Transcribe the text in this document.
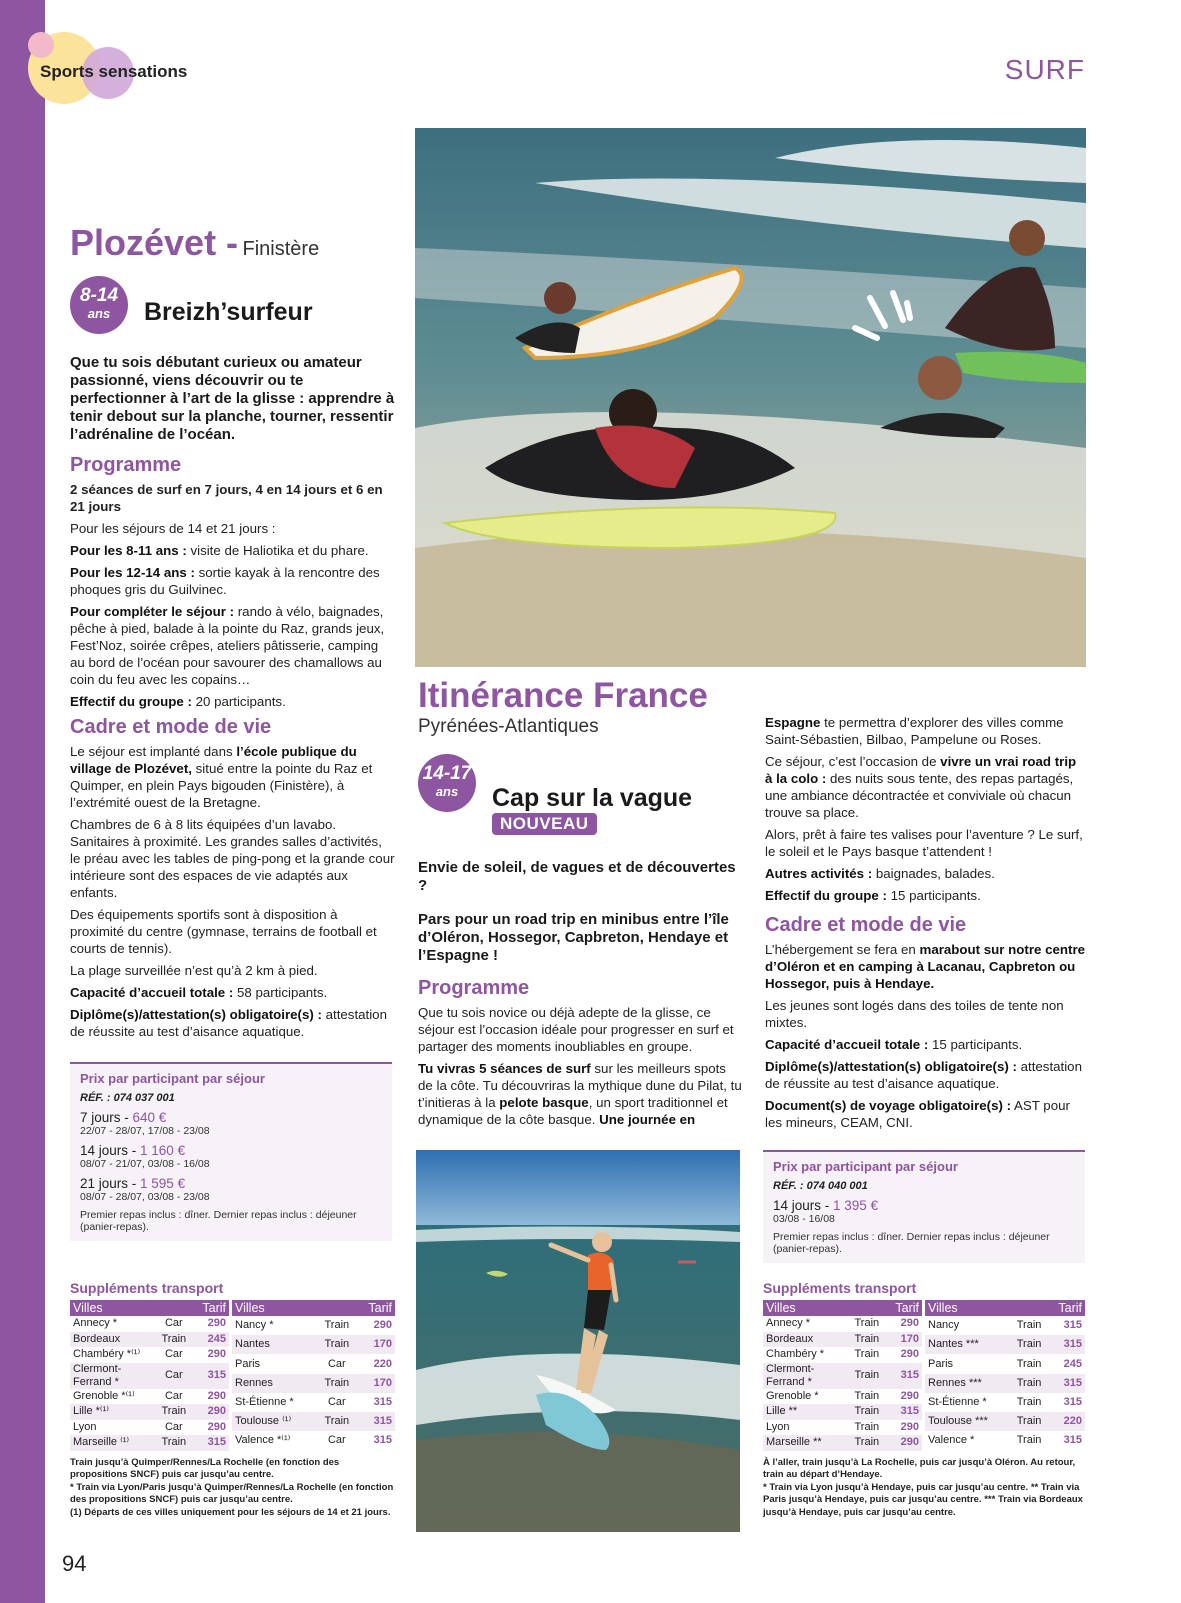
Sports sensations	SURF
94
Plozévet - Finistère
8-14
ans	Breizh’surfeur
Que tu sois débutant curieux ou amateur passionné, viens découvrir ou te perfectionner à l’art de la glisse : apprendre à tenir debout sur la planche, tourner, ressentir l’adrénaline de l’océan.
Programme
2 séances de surf en 7 jours, 4 en 14 jours et 6 en 21 jours
Pour les séjours de 14 et 21 jours :
Pour les 8-11 ans : visite de Haliotika et du phare.
Pour les 12-14 ans : sortie kayak à la rencontre des phoques gris du Guilvinec.
Pour compléter le séjour : rando à vélo, baignades, pêche à pied, balade à la pointe du Raz, grands jeux, Fest’Noz, soirée crêpes, ateliers pâtisserie, camping au bord de l’océan pour savourer des chamallows au coin du feu avec les copains…
Effectif du groupe : 20 participants.
Cadre et mode de vie
Le séjour est implanté dans l’école publique du village de Plozévet, situé entre la pointe du Raz et Quimper, en plein Pays bigouden (Finistère), à l’extrémité ouest de la Bretagne.
Chambres de 6 à 8 lits équipées d’un lavabo. Sanitaires à proximité. Les grandes salles d’activités, le préau avec les tables de ping-pong et la grande cour intérieure sont des espaces de vie adaptés aux enfants.
Des équipements sportifs sont à disposition à proximité du centre (gymnase, terrains de football et courts de tennis).
La plage surveillée n’est qu’à 2 km à pied.
Capacité d’accueil totale : 58 participants.
Diplôme(s)/attestation(s) obligatoire(s) : attestation de réussite au test d’aisance aquatique.
Prix par participant par séjour
RÉF. : 074 037 001
7 jours - 640 €
22/07 - 28/07, 17/08 - 23/08
14 jours - 1 160 €
08/07 - 21/07, 03/08 - 16/08
21 jours - 1 595 €
08/07 - 28/07, 03/08 - 23/08
Premier repas inclus : dîner. Dernier repas inclus : déjeuner (panier-repas).
Suppléments transport
Villes		Tarif
Annecy *	Car	290
Bordeaux	Train	245
Chambéry *⁽¹⁾	Car	290
Clermont-Ferrand *	Car	315
Grenoble *⁽¹⁾	Car	290
Lille *⁽¹⁾	Train	290
Lyon	Car	290
Marseille ⁽¹⁾	Train	315
Villes		Tarif
Nancy *	Train	290
Nantes	Train	170
Paris	Car	220
Rennes	Train	170
St-Étienne *	Car	315
Toulouse ⁽¹⁾	Train	315
Valence *⁽¹⁾	Car	315
Train jusqu’à Quimper/Rennes/La Rochelle (en fonction des propositions SNCF) puis car jusqu’au centre.
* Train via Lyon/Paris jusqu’à Quimper/Rennes/La Rochelle (en fonction des propositions SNCF) puis car jusqu’au centre.
(1) Départs de ces villes uniquement pour les séjours de 14 et 21 jours.
Itinérance France
Pyrénées-Atlantiques
14-17
ans	Cap sur la vague
NOUVEAU
Envie de soleil, de vagues et de découvertes ?
Pars pour un road trip en minibus entre l’île d’Oléron, Hossegor, Capbreton, Hendaye et l’Espagne !
Programme
Que tu sois novice ou déjà adepte de la glisse, ce séjour est l’occasion idéale pour progresser en surf et partager des moments inoubliables en groupe.
Tu vivras 5 séances de surf sur les meilleurs spots de la côte. Tu découvriras la mythique dune du Pilat, tu t’initieras à la pelote basque, un sport traditionnel et dynamique de la côte basque. Une journée en
Espagne te permettra d’explorer des villes comme Saint-Sébastien, Bilbao, Pampelune ou Roses.
Ce séjour, c’est l’occasion de vivre un vrai road trip à la colo : des nuits sous tente, des repas partagés, une ambiance décontractée et conviviale où chacun trouve sa place.
Alors, prêt à faire tes valises pour l’aventure ? Le surf, le soleil et le Pays basque t’attendent !
Autres activités : baignades, balades.
Effectif du groupe : 15 participants.
Cadre et mode de vie
L’hébergement se fera en marabout sur notre centre d’Oléron et en camping à Lacanau, Capbreton ou Hossegor, puis à Hendaye.
Les jeunes sont logés dans des toiles de tente non mixtes.
Capacité d’accueil totale : 15 participants.
Diplôme(s)/attestation(s) obligatoire(s) : attestation de réussite au test d’aisance aquatique.
Document(s) de voyage obligatoire(s) : AST pour les mineurs, CEAM, CNI.
Prix par participant par séjour
RÉF. : 074 040 001
14 jours - 1 395 €
03/08 - 16/08
Premier repas inclus : dîner. Dernier repas inclus : déjeuner (panier-repas).
Suppléments transport
Villes		Tarif
Annecy *	Train	290
Bordeaux	Train	170
Chambéry *	Train	290
Clermont-Ferrand *	Train	315
Grenoble *	Train	290
Lille **	Train	315
Lyon	Train	290
Marseille **	Train	290
Villes		Tarif
Nancy	Train	315
Nantes ***	Train	315
Paris	Train	245
Rennes ***	Train	315
St-Étienne *	Train	315
Toulouse ***	Train	220
Valence *	Train	315
À l’aller, train jusqu’à La Rochelle, puis car jusqu’à Oléron. Au retour, train au départ d’Hendaye.
* Train via Lyon jusqu’à Hendaye, puis car jusqu’au centre. ** Train via Paris jusqu’à Hendaye, puis car jusqu’au centre. *** Train via Bordeaux jusqu’à Hendaye, puis car jusqu’au centre.
